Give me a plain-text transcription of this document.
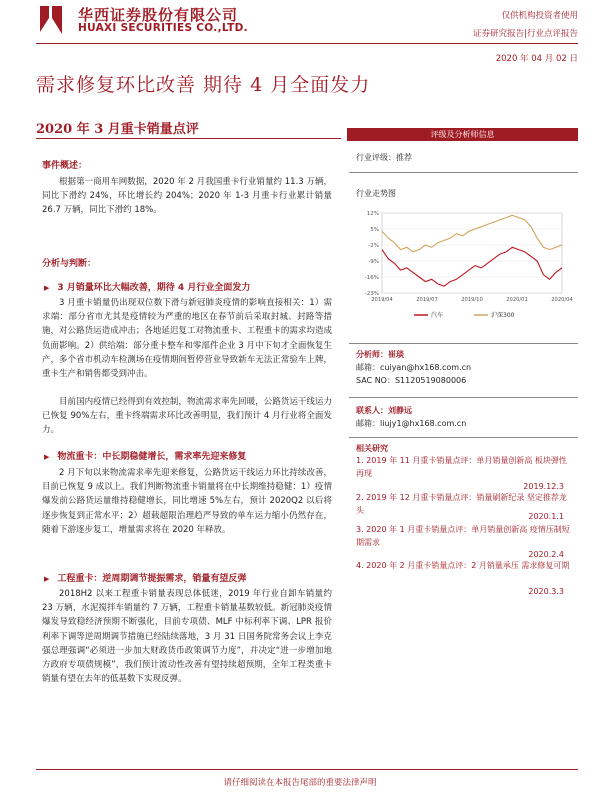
华西证券股份有限公司
HUAXI SECURITIES CO.,LTD.
仅供机构投资者使用
证券研究报告|行业点评报告
2020 年 04 月 02 日
需求修复环比改善 期待 4 月全面发力
2020 年 3 月重卡销量点评
事件概述：
根据第一商用车网数据，2020 年 2 月我国重卡行业销量约 11.3 万辆，同比下滑约 24%，环比增长约 204%；2020 年 1-3 月重卡行业累计销量 26.7 万辆，同比下滑约 18%。
分析与判断：
▶ 3 月销量环比大幅改善，期待 4 月行业全面发力
3 月重卡销量仍出现双位数下滑与新冠肺炎疫情的影响直接相关：1）需求端：部分省市尤其是疫情较为严重的地区在春节前后采取封城、封路等措施，对公路货运造成冲击；各地延迟复工对物流重卡、工程重卡的需求均造成负面影响。2）供给端：部分重卡整车和零部件企业 3 月中下旬才全面恢复生产，多个省市机动车检测场在疫情期间暂停营业导致新车无法正常验车上牌，重卡生产和销售都受到冲击。
目前国内疫情已经得到有效控制，物流需求率先回暖，公路货运干线运力已恢复 90%左右，重卡终端需求环比改善明显，我们预计 4 月行业将全面发力。
▶ 物流重卡：中长期稳健增长，需求率先迎来修复
2 月下旬以来物流需求率先迎来修复，公路货运干线运力环比持续改善，目前已恢复 9 成以上。我们判断物流重卡销量将在中长期维持稳健：1）疫情爆发前公路货运量维持稳健增长，同比增速 5%左右，预计 2020Q2 以后将逐步恢复到正常水平；2）超载超限治理趋严导致的单车运力缩小仍然存在，随着下游逐步复工，增量需求将在 2020 年释放。
▶ 工程重卡：逆周期调节提振需求，销量有望反弹
2018H2 以来工程重卡销量表现总体低迷，2019 年行业自卸车销量约 23 万辆，水泥搅拌车销量约 7 万辆，工程重卡销量基数较低。新冠肺炎疫情爆发导致稳经济预期不断强化，目前专项债、MLF 中标利率下调、LPR 报价利率下调等逆周期调节措施已经陆续落地，3 月 31 日国务院常务会议上李克强总理强调“必须进一步加大财政货币政策调节力度”，并决定“进一步增加地方政府专项债规模”，我们预计流动性改善有望持续超预期，全年工程类重卡销量有望在去年的低基数下实现反弹。
评级及分析师信息
行业评级：推荐
行业走势图
12%
5%
-2%
-9%
-16%
-23%
2019/04	2019/07	2019/10	2020/01	2020/04
汽车	沪深300
分析师：崔琰
邮箱：cuiyan@hx168.com.cn
SAC NO：S1120519080006
联系人：刘静远
邮箱：liujy1@hx168.com.cn
相关研究
1. 2019 年 11 月重卡销量点评：单月销量创新高 板块弹性再现
2019.12.3
2. 2019 年 12 月重卡销量点评：销量刷新纪录 坚定推荐龙头
2020.1.1
3. 2020 年 1 月重卡销量点评：单月销量创新高 疫情压制短期需求
2020.2.4
4. 2020 年 2 月重卡销量点评：2 月销量承压 需求修复可期
2020.3.3
请仔细阅读在本报告尾部的重要法律声明
